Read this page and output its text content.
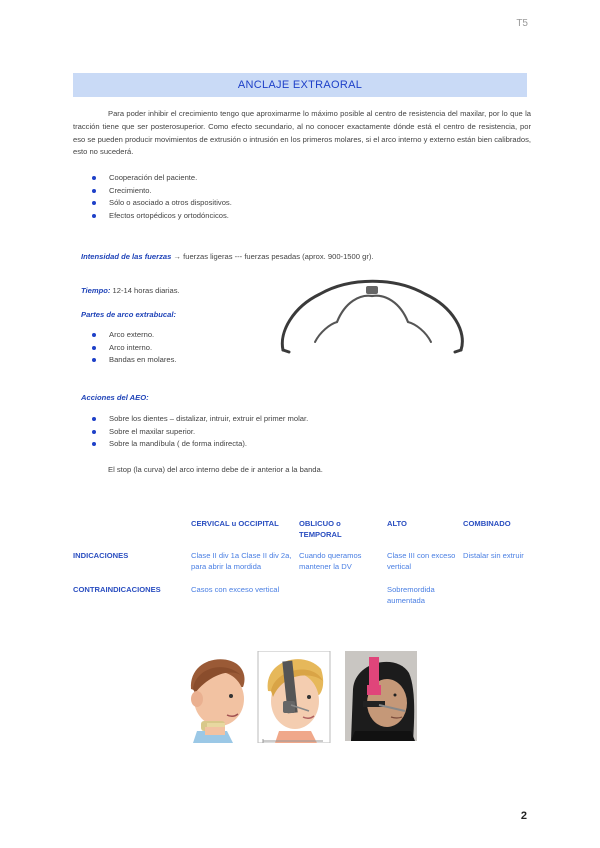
T5
ANCLAJE EXTRAORAL

Para poder inhibir el crecimiento tengo que aproximarme lo máximo posible al centro de resistencia del maxilar, por lo que la tracción tiene que ser posterosuperior. Como efecto secundario, al no conocer exactamente dónde está el centro de resistencia, por eso se pueden producir movimientos de extrusión o intrusión en los primeros molares, si el arco interno y externo están bien calibrados, esto no sucederá.

Cooperación del paciente.
Crecimiento.
Sólo o asociado a otros dispositivos.
Efectos ortopédicos y ortodóncicos.
Intensidad de las fuerzas → fuerzas ligeras --- fuerzas pesadas (aprox. 900-1500 gr).
Tiempo: 12-14 horas diarias.
Partes de arco extrabucal:
Arco externo.
Arco interno.
Bandas en molares.
Acciones del AEO:
Sobre los dientes – distalizar, intruir, extruir el primer molar.
Sobre el maxilar superior.
Sobre la mandíbula ( de forma indirecta).
El stop (la curva) del arco interno debe de ir anterior a la banda.
	CERVICAL u OCCIPITAL	OBLICUO o TEMPORAL	ALTO	COMBINADO
INDICACIONES	Clase II div 1a Clase II div 2a, para abrir la mordida	Cuando queramos mantener la DV	Clase III con exceso vertical	Distalar sin extruir
CONTRAINDICACIONES	Casos con exceso vertical		Sobremordida aumentada	
2
